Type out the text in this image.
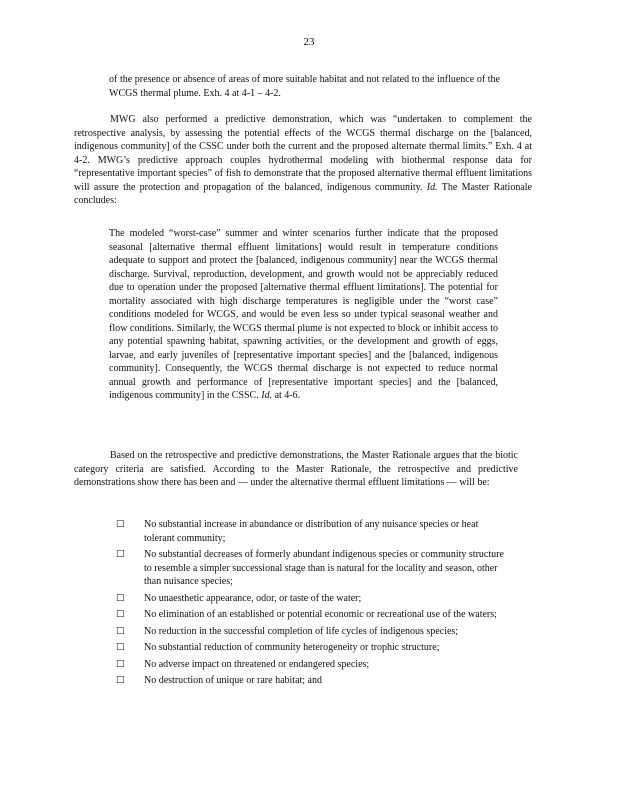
23

of the presence or absence of areas of more suitable habitat and not related to the influence of the WCGS thermal plume. Exh. 4 at 4-1 – 4-2.

MWG also performed a predictive demonstration, which was “undertaken to complement the retrospective analysis, by assessing the potential effects of the WCGS thermal discharge on the [balanced, indigenous community] of the CSSC under both the current and the proposed alternate thermal limits.” Exh. 4 at 4-2. MWG’s predictive approach couples hydrothermal modeling with biothermal response data for “representative important species” of fish to demonstrate that the proposed alternative thermal effluent limitations will assure the protection and propagation of the balanced, indigenous community. Id. The Master Rationale concludes:

The modeled “worst-case” summer and winter scenarios further indicate that the proposed seasonal [alternative thermal effluent limitations] would result in temperature conditions adequate to support and protect the [balanced, indigenous community] near the WCGS thermal discharge. Survival, reproduction, development, and growth would not be appreciably reduced due to operation under the proposed [alternative thermal effluent limitations]. The potential for mortality associated with high discharge temperatures is negligible under the “worst case” conditions modeled for WCGS, and would be even less so under typical seasonal weather and flow conditions. Similarly, the WCGS thermal plume is not expected to block or inhibit access to any potential spawning habitat, spawning activities, or the development and growth of eggs, larvae, and early juveniles of [representative important species] and the [balanced, indigenous community]. Consequently, the WCGS thermal discharge is not expected to reduce normal annual growth and performance of [representative important species] and the [balanced, indigenous community] in the CSSC. Id. at 4-6.

Based on the retrospective and predictive demonstrations, the Master Rationale argues that the biotic category criteria are satisfied. According to the Master Rationale, the retrospective and predictive demonstrations show there has been and — under the alternative thermal effluent limitations — will be:

□ No substantial increase in abundance or distribution of any nuisance species or heat tolerant community;
□ No substantial decreases of formerly abundant indigenous species or community structure to resemble a simpler successional stage than is natural for the locality and season, other than nuisance species;
□ No unaesthetic appearance, odor, or taste of the water;
□ No elimination of an established or potential economic or recreational use of the waters;
□ No reduction in the successful completion of life cycles of indigenous species;
□ No substantial reduction of community heterogeneity or trophic structure;
□ No adverse impact on threatened or endangered species;
□ No destruction of unique or rare habitat; and
